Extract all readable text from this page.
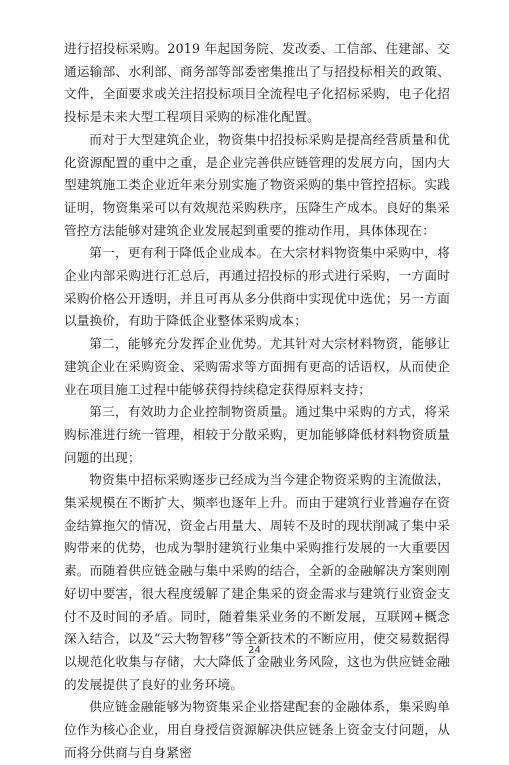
进行招投标采购。2019 年起国务院、发改委、工信部、住建部、交通运输部、水利部、商务部等部委密集推出了与招投标相关的政策、文件，全面要求或关注招投标项目全流程电子化招标采购，电子化招投标是未来大型工程项目采购的标准化配置。

而对于大型建筑企业，物资集中招投标采购是提高经营质量和优化资源配置的重中之重，是企业完善供应链管理的发展方向，国内大型建筑施工类企业近年来分别实施了物资采购的集中管控招标。实践证明，物资集采可以有效规范采购秩序，压降生产成本。良好的集采管控方法能够对建筑企业发展起到重要的推动作用，具体体现在：

第一，更有利于降低企业成本。在大宗材料物资集中采购中，将企业内部采购进行汇总后，再通过招投标的形式进行采购，一方面时采购价格公开透明，并且可再从多分供商中实现优中选优；另一方面以量换价，有助于降低企业整体采购成本；

第二，能够充分发挥企业优势。尤其针对大宗材料物资，能够让建筑企业在采购资金、采购需求等方面拥有更高的话语权，从而使企业在项目施工过程中能够获得持续稳定获得原料支持；

第三，有效助力企业控制物资质量。通过集中采购的方式，将采购标准进行统一管理，相较于分散采购，更加能够降低材料物资质量问题的出现；

物资集中招标采购逐步已经成为当今建企物资采购的主流做法，集采规模在不断扩大、频率也逐年上升。而由于建筑行业普遍存在资金结算拖欠的情况，资金占用量大、周转不及时的现状削减了集中采购带来的优势，也成为掣肘建筑行业集中采购推行发展的一大重要因素。而随着供应链金融与集中采购的结合，全新的金融解决方案则刚好切中要害，很大程度缓解了建企集采的资金需求与建筑行业资金支付不及时间的矛盾。同时，随着集采业务的不断发展，互联网+概念深入结合，以及“云大物智移”等全新技术的不断应用，使交易数据得以规范化收集与存储，大大降低了金融业务风险，这也为供应链金融的发展提供了良好的业务环境。

供应链金融能够为物资集采企业搭建配套的金融体系，集采购单位作为核心企业，用自身授信资源解决供应链条上资金支付问题，从而将分供商与自身紧密

24
